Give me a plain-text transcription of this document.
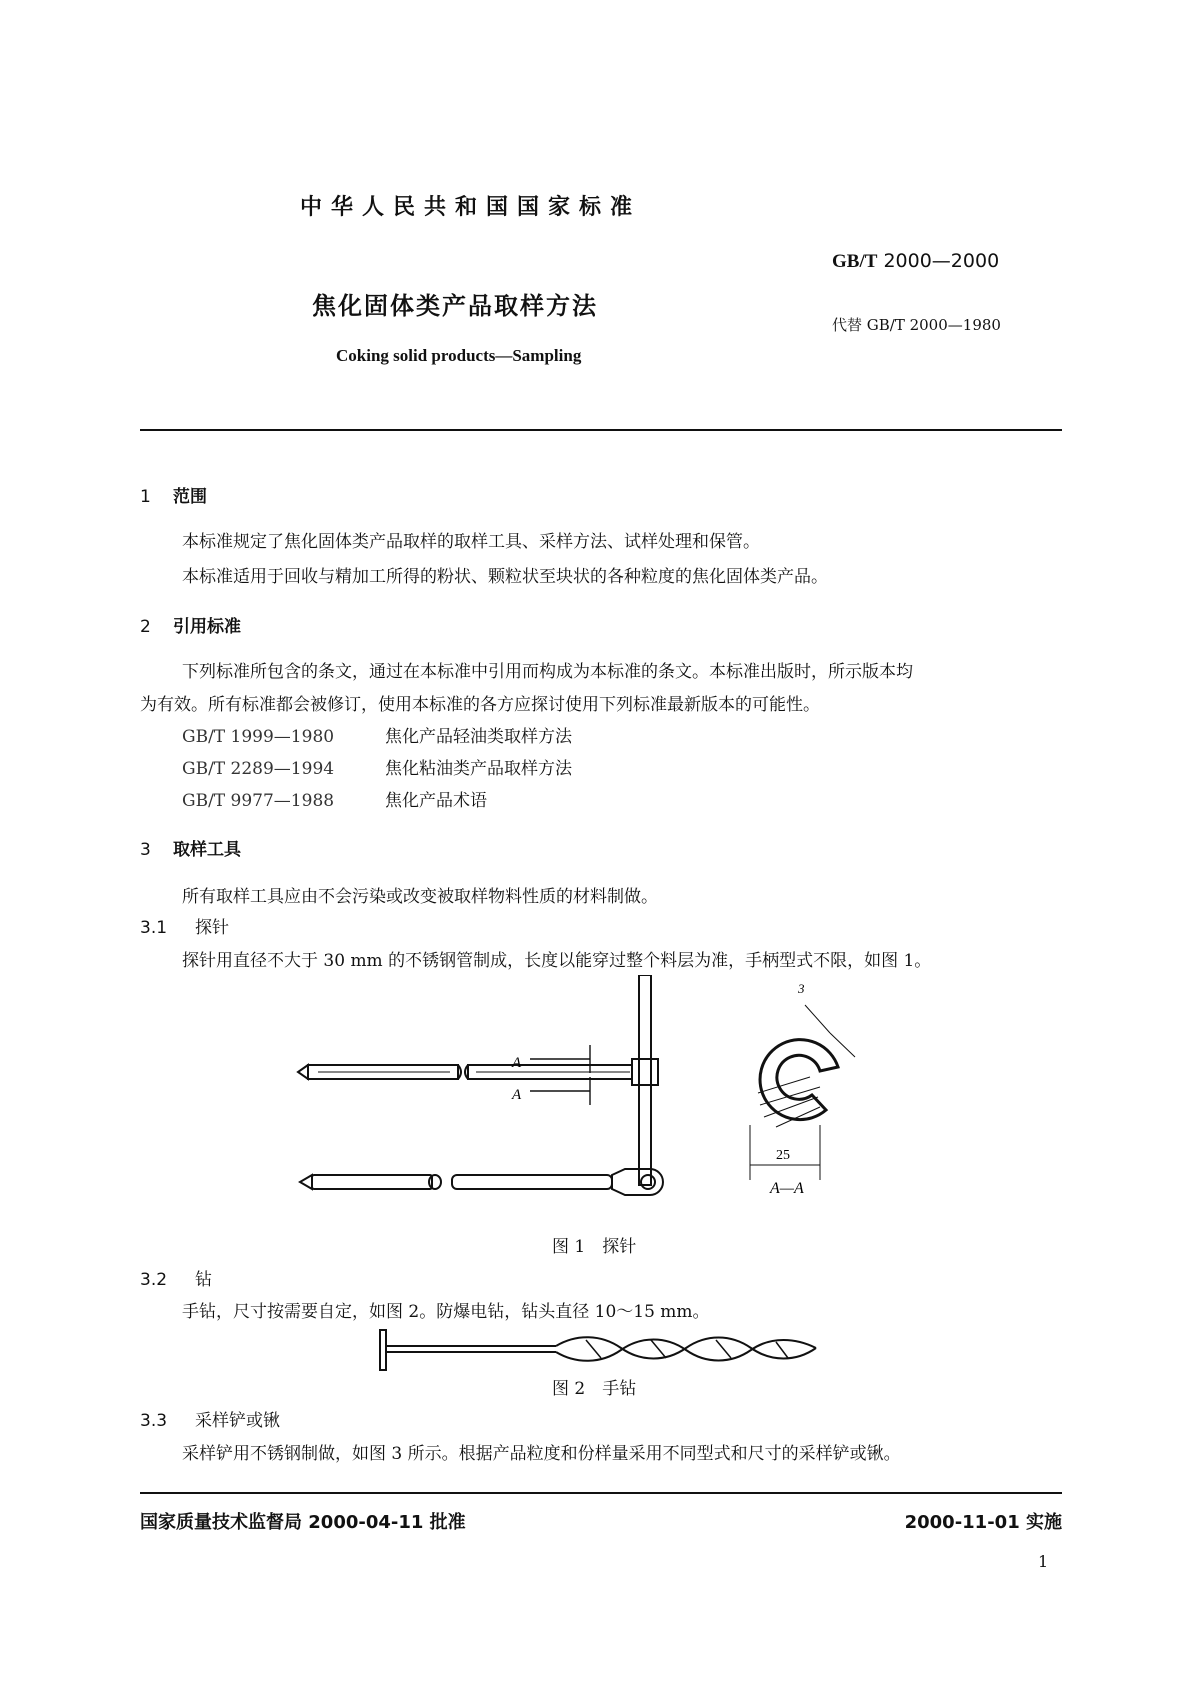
中华人民共和国国家标准
GB/T 2000—2000
焦化固体类产品取样方法
代替 GB/T 2000—1980
Coking solid products—Sampling
1 范围
本标准规定了焦化固体类产品取样的取样工具、采样方法、试样处理和保管。
本标准适用于回收与精加工所得的粉状、颗粒状至块状的各种粒度的焦化固体类产品。
2 引用标准
下列标准所包含的条文，通过在本标准中引用而构成为本标准的条文。本标准出版时，所示版本均
为有效。所有标准都会被修订，使用本标准的各方应探讨使用下列标准最新版本的可能性。
GB/T 1999—1980	焦化产品轻油类取样方法
GB/T 2289—1994	焦化粘油类产品取样方法
GB/T 9977—1988	焦化产品术语
3 取样工具
所有取样工具应由不会污染或改变被取样物料性质的材料制做。
3.1 探针
探针用直径不大于 30 mm 的不锈钢管制成，长度以能穿过整个料层为准，手柄型式不限，如图 1。
A
A
3
25
A—A
图 1　探针
3.2 钻
手钻，尺寸按需要自定，如图 2。防爆电钻，钻头直径 10～15 mm。
图 2　手钻
3.3 采样铲或锹
采样铲用不锈钢制做，如图 3 所示。根据产品粒度和份样量采用不同型式和尺寸的采样铲或锹。
国家质量技术监督局 2000-04-11 批准	2000-11-01 实施
1
